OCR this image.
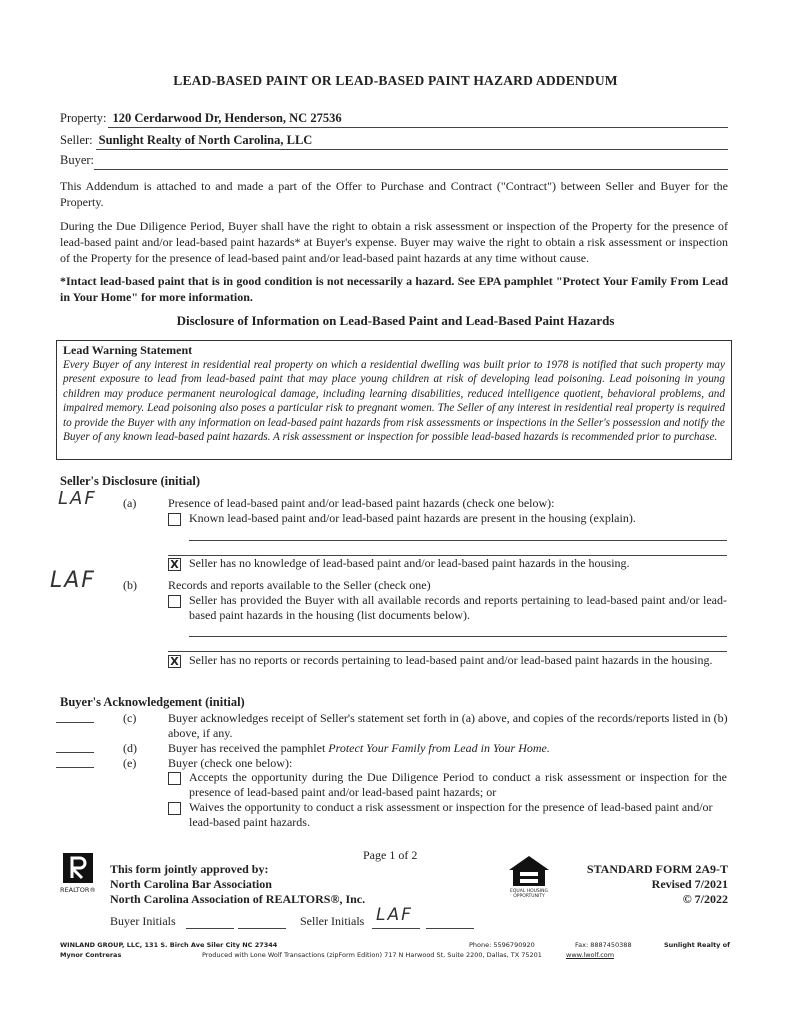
LEAD-BASED PAINT OR LEAD-BASED PAINT HAZARD ADDENDUM
Property: 120 Cerdarwood Dr, Henderson, NC 27536
Seller: Sunlight Realty of North Carolina, LLC
Buyer:
This Addendum is attached to and made a part of the Offer to Purchase and Contract ("Contract") between Seller and Buyer for the Property.
During the Due Diligence Period, Buyer shall have the right to obtain a risk assessment or inspection of the Property for the presence of lead-based paint and/or lead-based paint hazards* at Buyer's expense. Buyer may waive the right to obtain a risk assessment or inspection of the Property for the presence of lead-based paint and/or lead-based paint hazards at any time without cause.
*Intact lead-based paint that is in good condition is not necessarily a hazard. See EPA pamphlet "Protect Your Family From Lead in Your Home" for more information.
Disclosure of Information on Lead-Based Paint and Lead-Based Paint Hazards
Lead Warning Statement
Every Buyer of any interest in residential real property on which a residential dwelling was built prior to 1978 is notified that such property may present exposure to lead from lead-based paint that may place young children at risk of developing lead poisoning. Lead poisoning in young children may produce permanent neurological damage, including learning disabilities, reduced intelligence quotient, behavioral problems, and impaired memory. Lead poisoning also poses a particular risk to pregnant women. The Seller of any interest in residential real property is required to provide the Buyer with any information on lead-based paint hazards from risk assessments or inspections in the Seller's possession and notify the Buyer of any known lead-based paint hazards. A risk assessment or inspection for possible lead-based hazards is recommended prior to purchase.
Seller's Disclosure (initial)
LAF (a)	Presence of lead-based paint and/or lead-based paint hazards (check one below):
Known lead-based paint and/or lead-based paint hazards are present in the housing (explain).
X Seller has no knowledge of lead-based paint and/or lead-based paint hazards in the housing.
LAF (b)	Records and reports available to the Seller (check one)
Seller has provided the Buyer with all available records and reports pertaining to lead-based paint and/or lead-based paint hazards in the housing (list documents below).
X Seller has no reports or records pertaining to lead-based paint and/or lead-based paint hazards in the housing.
Buyer's Acknowledgement (initial)
(c)	Buyer acknowledges receipt of Seller's statement set forth in (a) above, and copies of the records/reports listed in (b) above, if any.
(d)	Buyer has received the pamphlet Protect Your Family from Lead in Your Home.
(e)	Buyer (check one below):
Accepts the opportunity during the Due Diligence Period to conduct a risk assessment or inspection for the presence of lead-based paint and/or lead-based paint hazards; or
Waives the opportunity to conduct a risk assessment or inspection for the presence of lead-based paint and/or lead-based paint hazards.
Page 1 of 2
REALTOR®
This form jointly approved by:
North Carolina Bar Association
North Carolina Association of REALTORS®, Inc.
EQUAL HOUSING OPPORTUNITY
STANDARD FORM 2A9-T
Revised 7/2021
© 7/2022
Buyer Initials	Seller Initials LAF
WINLAND GROUP, LLC, 131 S. Birch Ave Siler City NC 27344
Mynor Contreras
Phone: 5596790920	Fax: 8887450388	Sunlight Realty of
Produced with Lone Wolf Transactions (zipForm Edition) 717 N Harwood St, Suite 2200, Dallas, TX 75201	www.lwolf.com
